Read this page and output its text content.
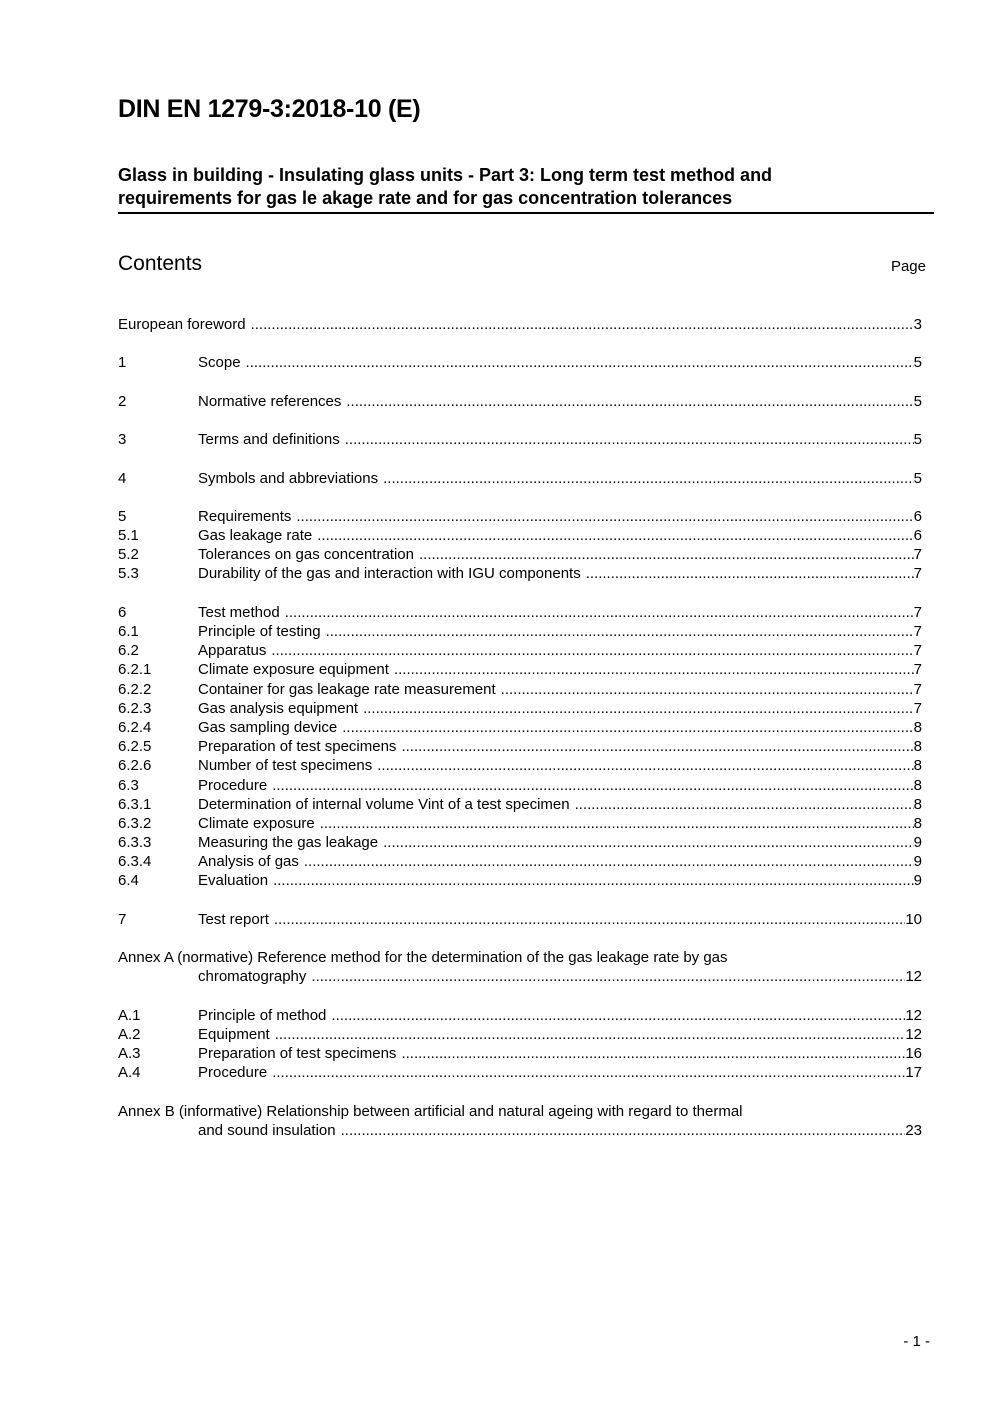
DIN EN 1279-3:2018-10 (E)
Glass in building - Insulating glass units - Part 3: Long term test method and
requirements for gas le akage rate and for gas concentration tolerances
Contents	Page
European foreword .....	3
1	Scope .....	5
2	Normative references .....	5
3	Terms and definitions .....	5
4	Symbols and abbreviations .....	5
5	Requirements .....	6
5.1	Gas leakage rate .....	6
5.2	Tolerances on gas concentration .....	7
5.3	Durability of the gas and interaction with IGU components .....	7
6	Test method .....	7
6.1	Principle of testing .....	7
6.2	Apparatus .....	7
6.2.1	Climate exposure equipment .....	7
6.2.2	Container for gas leakage rate measurement .....	7
6.2.3	Gas analysis equipment .....	7
6.2.4	Gas sampling device .....	8
6.2.5	Preparation of test specimens .....	8
6.2.6	Number of test specimens .....	8
6.3	Procedure .....	8
6.3.1	Determination of internal volume Vint of a test specimen .....	8
6.3.2	Climate exposure .....	8
6.3.3	Measuring the gas leakage .....	9
6.3.4	Analysis of gas .....	9
6.4	Evaluation .....	9
7	Test report .....	10
Annex A (normative) Reference method for the determination of the gas leakage rate by gas
chromatography .....	12
A.1	Principle of method .....	12
A.2	Equipment .....	12
A.3	Preparation of test specimens .....	16
A.4	Procedure .....	17
Annex B (informative) Relationship between artificial and natural ageing with regard to thermal
and sound insulation .....	23
- 1 -
